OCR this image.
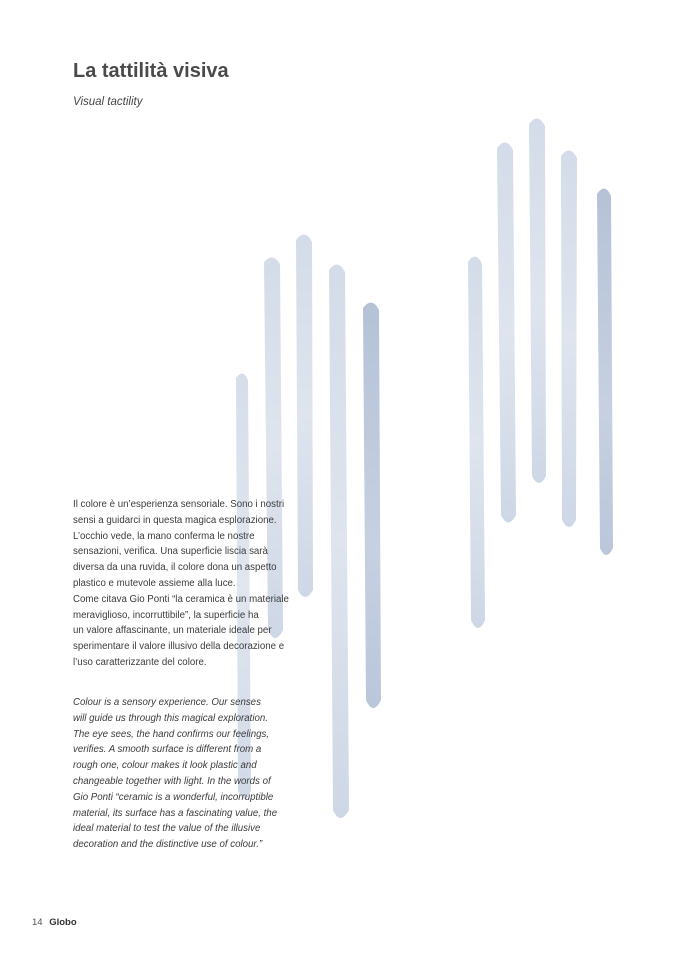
La tattilità visiva

Visual tactility

Il colore è un’esperienza sensoriale. Sono i nostri
sensi a guidarci in questa magica esplorazione.
L’occhio vede, la mano conferma le nostre
sensazioni, verifica. Una superficie liscia sarà
diversa da una ruvida, il colore dona un aspetto
plastico e mutevole assieme alla luce.
Come citava Gio Ponti “la ceramica è un materiale
meraviglioso, incorruttibile”, la superficie ha
un valore affascinante, un materiale ideale per
sperimentare il valore illusivo della decorazione e
l’uso caratterizzante del colore.

Colour is a sensory experience. Our senses
will guide us through this magical exploration.
The eye sees, the hand confirms our feelings,
verifies. A smooth surface is different from a
rough one, colour makes it look plastic and
changeable together with light. In the words of
Gio Ponti “ceramic is a wonderful, incorruptible
material, its surface has a fascinating value, the
ideal material to test the value of the illusive
decoration and the distinctive use of colour.”

14 Globo
